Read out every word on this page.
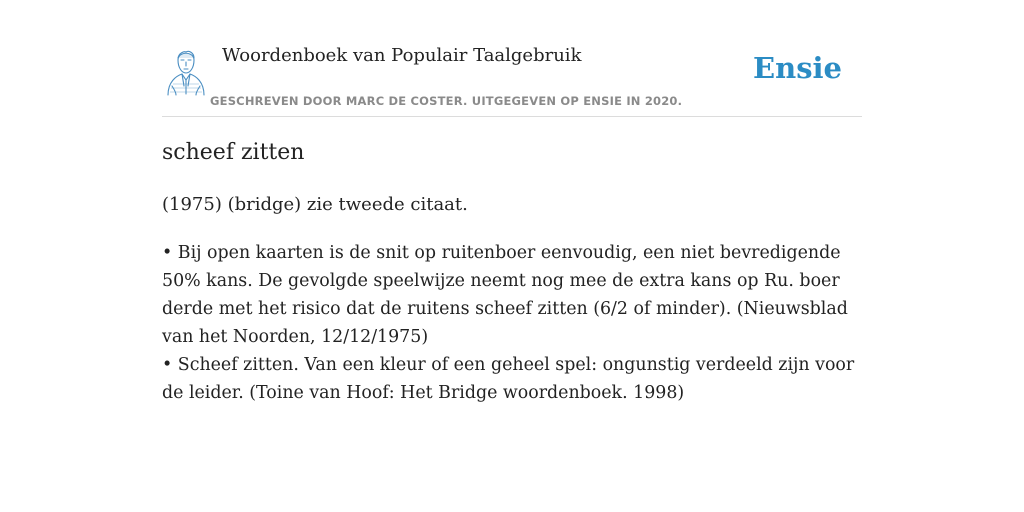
Woordenboek van Populair Taalgebruik
GESCHREVEN DOOR MARC DE COSTER. UITGEGEVEN OP ENSIE IN 2020.
Ensie
scheef zitten

(1975) (bridge) zie tweede citaat.

• Bij open kaarten is de snit op ruitenboer eenvoudig, een niet bevredigende 50% kans. De gevolgde speelwijze neemt nog mee de extra kans op Ru. boer derde met het risico dat de ruitens scheef zitten (6/2 of minder). (Nieuwsblad van het Noorden, 12/12/1975)

• Scheef zitten. Van een kleur of een geheel spel: ongunstig verdeeld zijn voor de leider. (Toine van Hoof: Het Bridge woordenboek. 1998)
